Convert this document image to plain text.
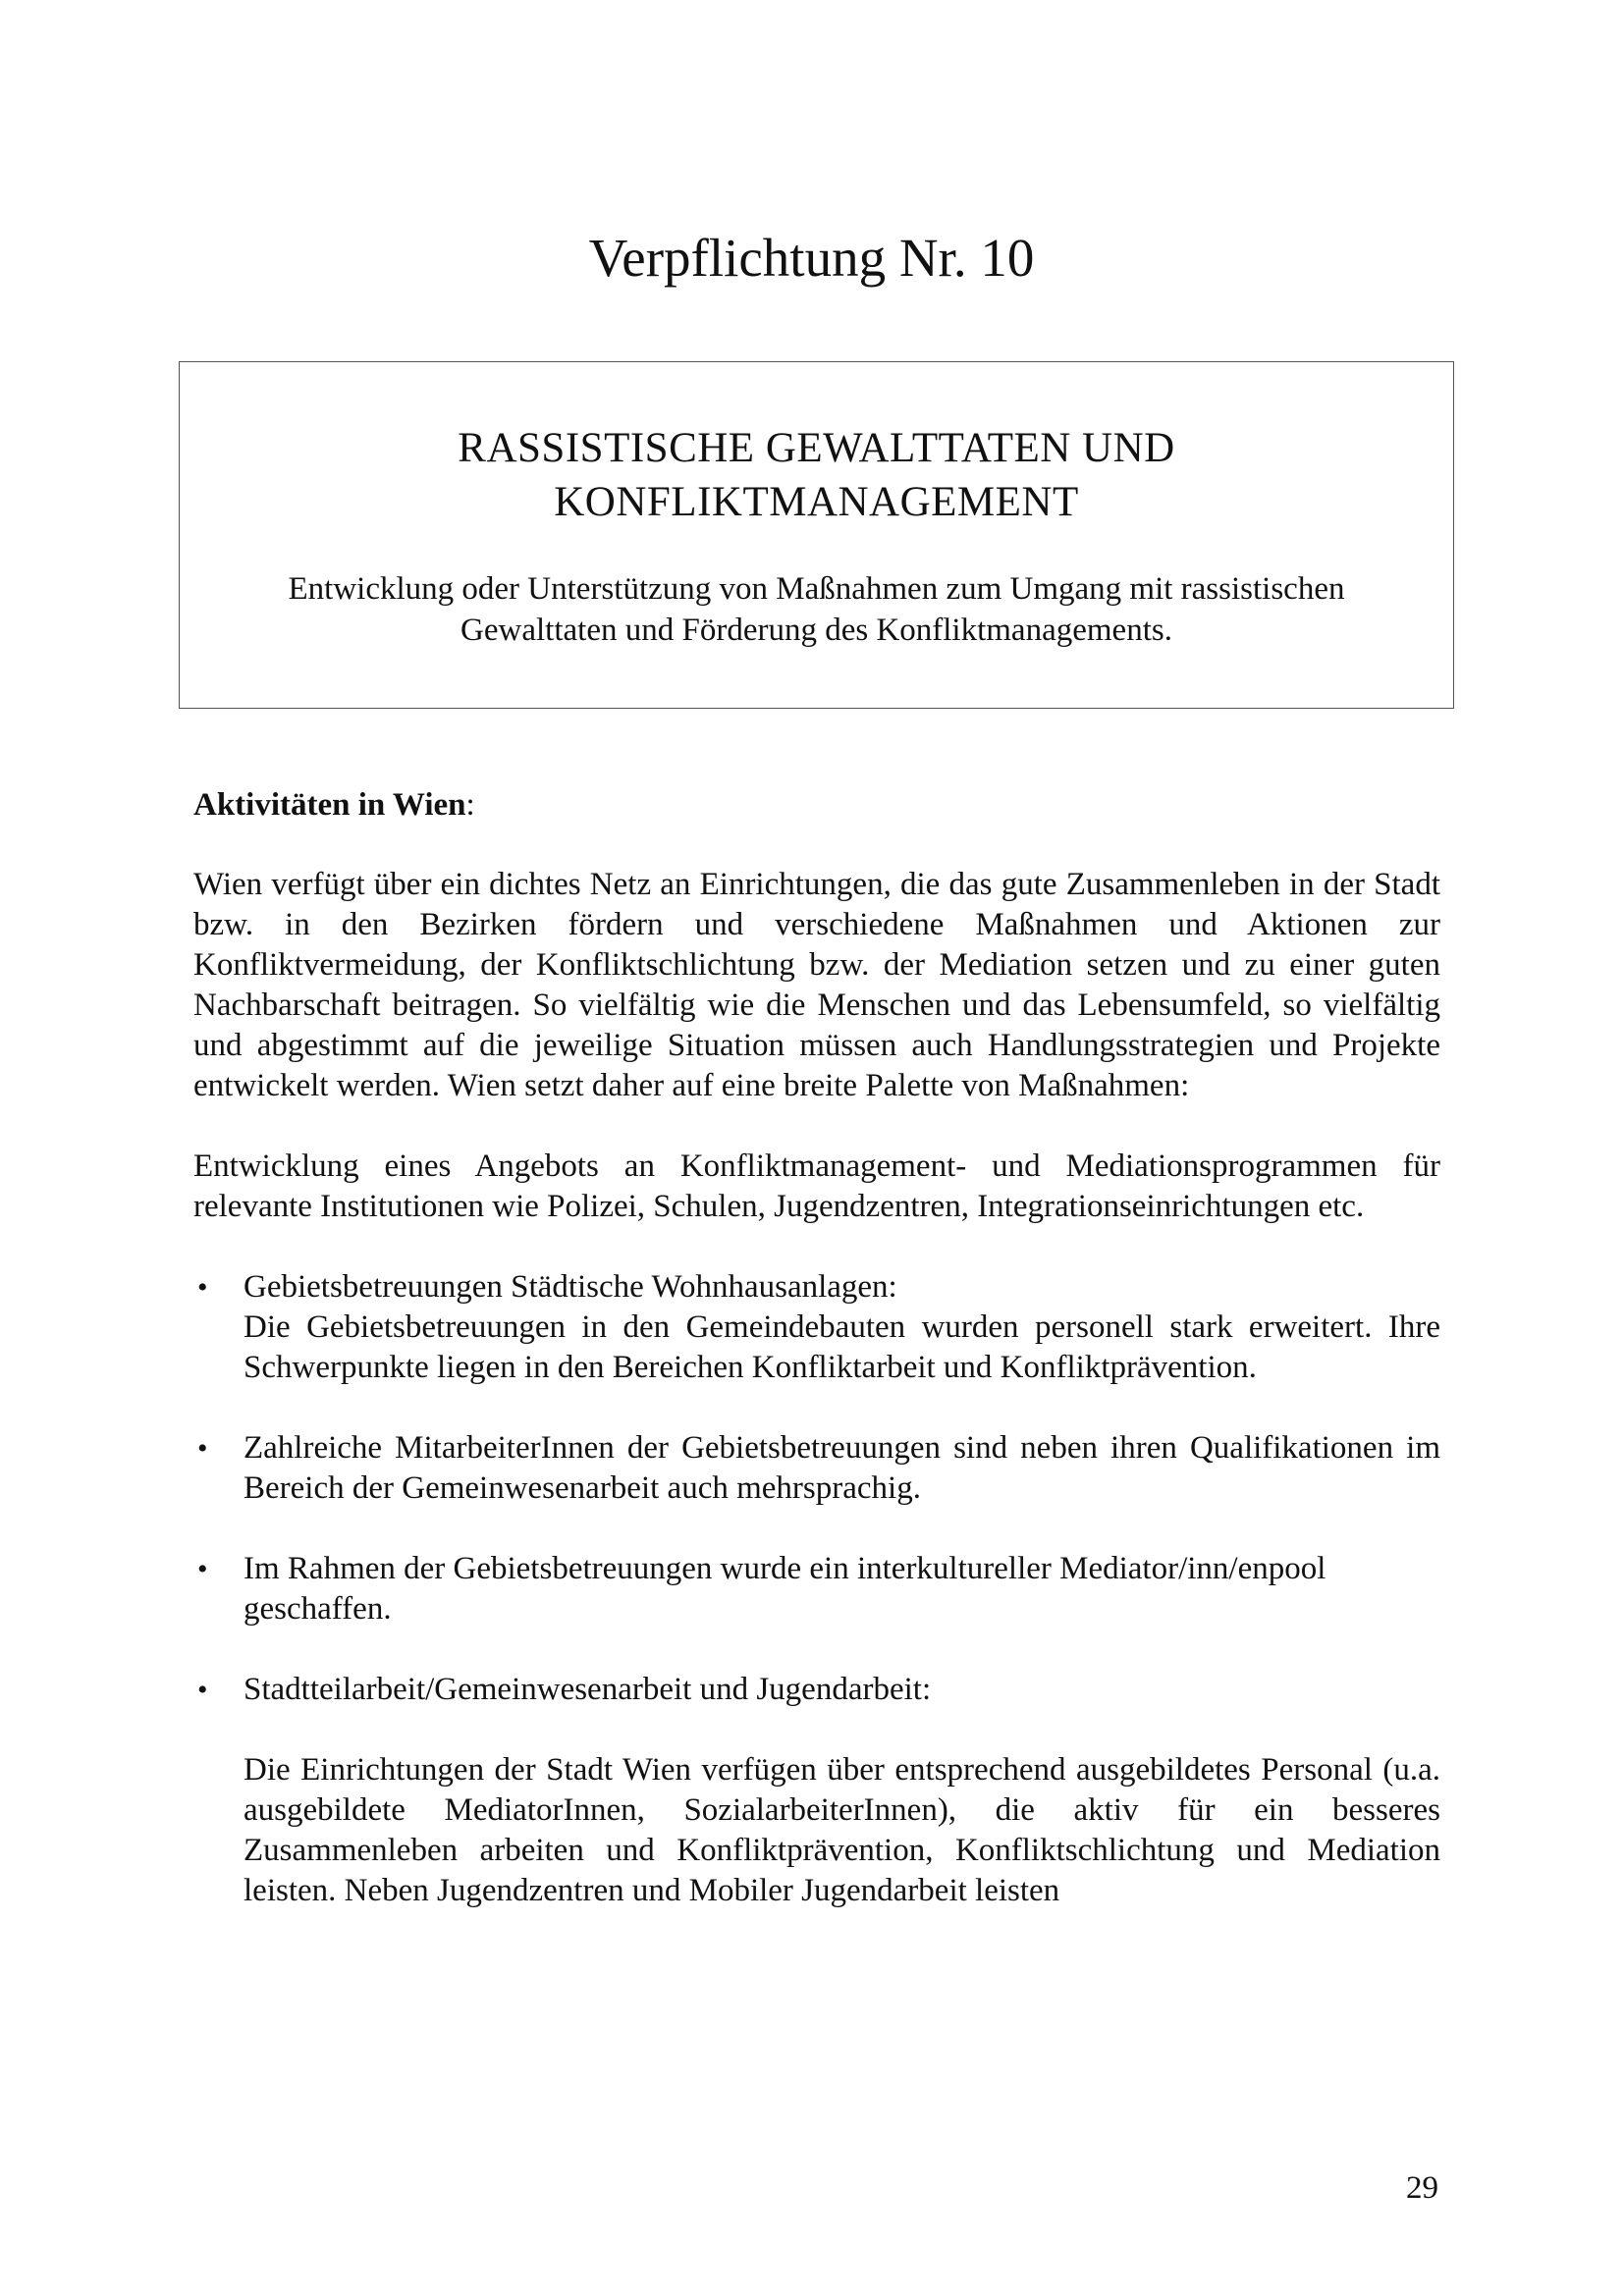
Verpflichtung Nr. 10
RASSISTISCHE GEWALTTATEN UND
KONFLIKTMANAGEMENT

Entwicklung oder Unterstützung von Maßnahmen zum Umgang mit rassistischen
Gewalttaten und Förderung des Konfliktmanagements.

Aktivitäten in Wien:

Wien verfügt über ein dichtes Netz an Einrichtungen, die das gute Zusammenleben in der Stadt bzw. in den Bezirken fördern und verschiedene Maßnahmen und Aktionen zur Konfliktvermeidung, der Konfliktschlichtung bzw. der Mediation setzen und zu einer guten Nachbarschaft beitragen. So vielfältig wie die Menschen und das Lebensumfeld, so vielfältig und abgestimmt auf die jeweilige Situation müssen auch Handlungsstrategien und Projekte entwickelt werden. Wien setzt daher auf eine breite Palette von Maßnahmen:

Entwicklung eines Angebots an Konfliktmanagement- und Mediationsprogrammen für relevante Institutionen wie Polizei, Schulen, Jugendzentren, Integrationseinrichtungen etc.

• Gebietsbetreuungen Städtische Wohnhausanlagen:
Die Gebietsbetreuungen in den Gemeindebauten wurden personell stark erweitert. Ihre Schwerpunkte liegen in den Bereichen Konfliktarbeit und Konfliktprävention.
• Zahlreiche MitarbeiterInnen der Gebietsbetreuungen sind neben ihren Qualifikationen im Bereich der Gemeinwesenarbeit auch mehrsprachig.
• Im Rahmen der Gebietsbetreuungen wurde ein interkultureller Mediator/inn/enpool geschaffen.
• Stadtteilarbeit/Gemeinwesenarbeit und Jugendarbeit:
Die Einrichtungen der Stadt Wien verfügen über entsprechend ausgebildetes Personal (u.a. ausgebildete MediatorInnen, SozialarbeiterInnen), die aktiv für ein besseres Zusammenleben arbeiten und Konfliktprävention, Konfliktschlichtung und Mediation leisten. Neben Jugendzentren und Mobiler Jugendarbeit leisten
29
